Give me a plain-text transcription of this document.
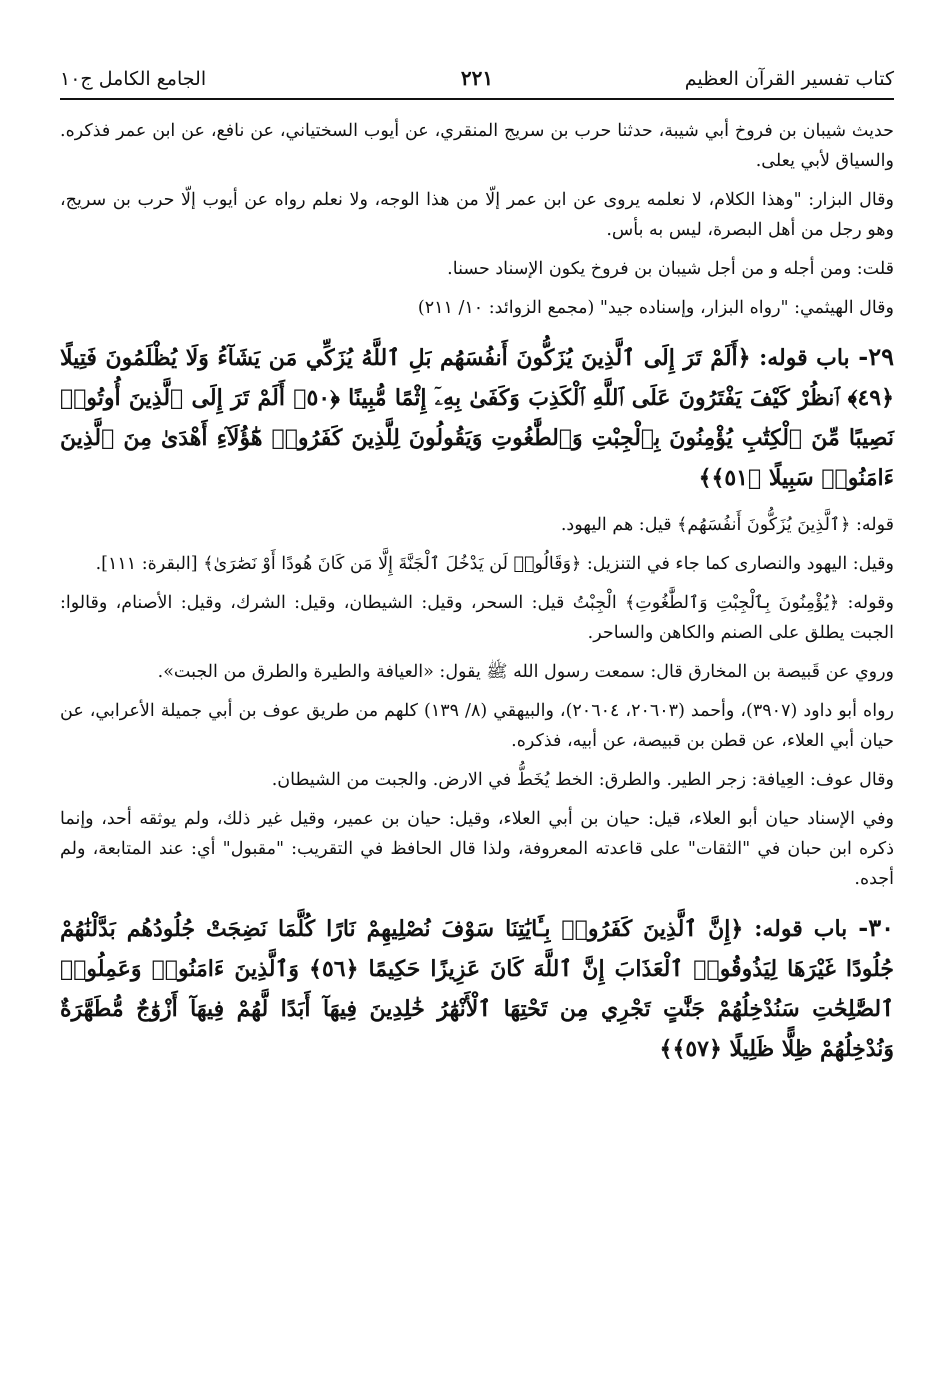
كتاب تفسير القرآن العظيم
٢٢١
الجامع الكامل ج١٠

حديث شيبان بن فروخ أبي شيبة، حدثنا حرب بن سريج المنقري، عن أيوب السختياني، عن نافع، عن ابن عمر فذكره. والسياق لأبي يعلى.

وقال البزار: "وهذا الكلام، لا نعلمه يروى عن ابن عمر إلّا من هذا الوجه، ولا نعلم رواه عن أيوب إلّا حرب بن سريج، وهو رجل من أهل البصرة، ليس به بأس.

قلت: ومن أجله و من أجل شيبان بن فروخ يكون الإسناد حسنا.

وقال الهيثمي: "رواه البزار، وإسناده جيد" (مجمع الزوائد: ١٠/ ٢١١)

٢٩- باب قوله: ﴿أَلَمْ تَرَ إِلَى ٱلَّذِينَ يُزَكُّونَ أَنفُسَهُم بَلِ ٱللَّهُ يُزَكِّي مَن يَشَآءُ وَلَا يُظْلَمُونَ فَتِيلًا ﴿٤٩﴾ ٱنظُرْ كَيْفَ يَفْتَرُونَ عَلَى ٱللَّهِ ٱلْكَذِبَ وَكَفَىٰ بِهِۦٓ إِثْمًا مُّبِينًا ﴿٥٠﴾ أَلَمْ تَرَ إِلَى ٱلَّذِينَ أُوتُوا۟ نَصِيبًا مِّنَ ٱلْكِتَٰبِ يُؤْمِنُونَ بِٱلْجِبْتِ وَٱلطَّٰغُوتِ وَيَقُولُونَ لِلَّذِينَ كَفَرُوا۟ هَٰٓؤُلَآءِ أَهْدَىٰ مِنَ ٱلَّذِينَ ءَامَنُوا۟ سَبِيلًا ﴿٥١﴾﴾

قوله: ﴿ٱلَّذِينَ يُزَكُّونَ أَنفُسَهُم﴾ قيل: هم اليهود.

وقيل: اليهود والنصارى كما جاء في التنزيل: ﴿وَقَالُوا۟ لَن يَدْخُلَ ٱلْجَنَّةَ إِلَّا مَن كَانَ هُودًا أَوْ نَصَٰرَىٰ﴾ [البقرة: ١١١].

وقوله: ﴿يُؤْمِنُونَ بِٱلْجِبْتِ وَٱلطَّٰغُوتِ﴾ الْجِبْتُ قيل: السحر، وقيل: الشيطان، وقيل: الشرك، وقيل: الأصنام، وقالوا: الجبت يطلق على الصنم والكاهن والساحر.

وروي عن قَبيصة بن المخارق قال: سمعت رسول الله ﷺ يقول: «العيافة والطيرة والطرق من الجبت».

رواه أبو داود (٣٩٠٧)، وأحمد (٢٠٦٠٣، ٢٠٦٠٤)، والبيهقي (٨/ ١٣٩) كلهم من طريق عوف بن أبي جميلة الأعرابي، عن حيان أبي العلاء، عن قطن بن قبيصة، عن أبيه، فذكره.

وقال عوف: العِيافة: زجر الطير. والطرق: الخط يُخَطُّ في الارض. والجبت من الشيطان.

وفي الإسناد حيان أبو العلاء، قيل: حيان بن أبي العلاء، وقيل: حيان بن عمير، وقيل غير ذلك، ولم يوثقه أحد، وإنما ذكره ابن حبان في "الثقات" على قاعدته المعروفة، ولذا قال الحافظ في التقريب: "مقبول" أي: عند المتابعة، ولم أجده.

٣٠- باب قوله: ﴿إِنَّ ٱلَّذِينَ كَفَرُوا۟ بِـَٔايَٰتِنَا سَوْفَ نُصْلِيهِمْ نَارًا كُلَّمَا نَضِجَتْ جُلُودُهُم بَدَّلْنَٰهُمْ جُلُودًا غَيْرَهَا لِيَذُوقُوا۟ ٱلْعَذَابَ إِنَّ ٱللَّهَ كَانَ عَزِيزًا حَكِيمًا ﴿٥٦﴾ وَٱلَّذِينَ ءَامَنُوا۟ وَعَمِلُوا۟ ٱلصَّٰلِحَٰتِ سَنُدْخِلُهُمْ جَنَّٰتٍ تَجْرِي مِن تَحْتِهَا ٱلْأَنْهَٰرُ خَٰلِدِينَ فِيهَآ أَبَدًا لَّهُمْ فِيهَآ أَزْوَٰجٌ مُّطَهَّرَةٌ وَنُدْخِلُهُمْ ظِلًّا ظَلِيلًا ﴿٥٧﴾﴾
